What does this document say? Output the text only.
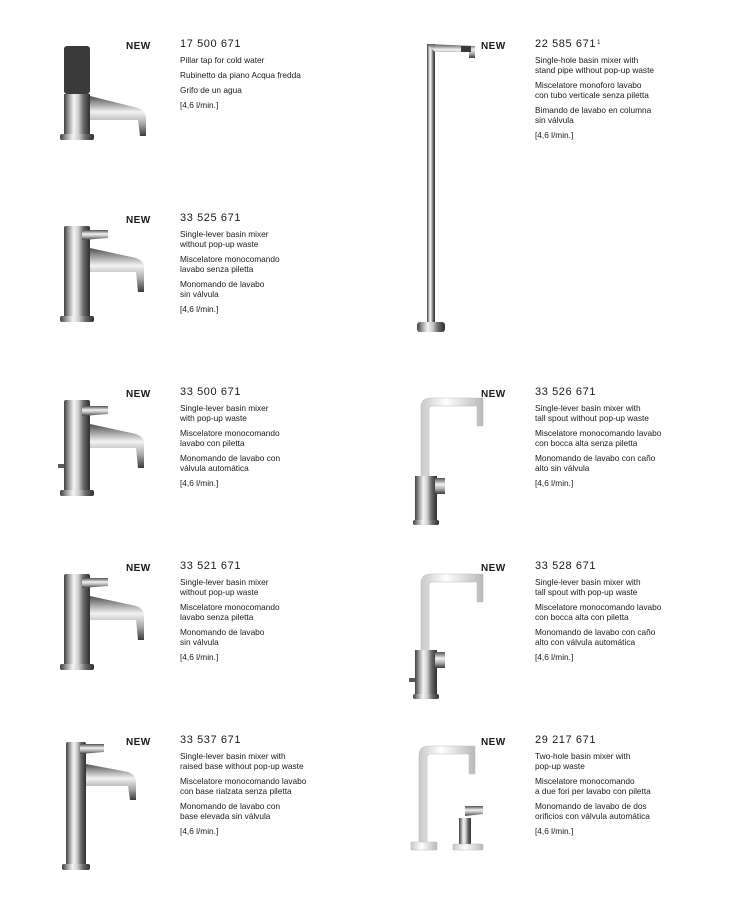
NEW	17 500 671
Pillar tap for cold water
Rubinetto da piano Acqua fredda
Grifo de un agua
[4,6 l/min.]
NEW	22 585 $671^1$
Single-hole basin mixer with
stand pipe without pop-up waste
Miscelatore monoforo lavabo
con tubo verticale senza piletta
Bimando de lavabo en columna
sin válvula
[4,6 l/min.]
NEW	33 525 671
Single-lever basin mixer
without pop-up waste
Miscelatore monocomando
lavabo senza piletta
Monomando de lavabo
sin válvula
[4,6 l/min.]
NEW	33 500 671
Single-lever basin mixer
with pop-up waste
Miscelatore monocomando
lavabo con piletta
Monomando de lavabo con
válvula automática
[4,6 l/min.]
NEW	33 526 671
Single-lever basin mixer with
tall spout without pop-up waste
Miscelatore monocomando lavabo
con bocca alta senza piletta
Monomando de lavabo con caño
alto sin válvula
[4,6 l/min.]
NEW	33 521 671
Single-lever basin mixer
without pop-up waste
Miscelatore monocomando
lavabo senza piletta
Monomando de lavabo
sin válvula
[4,6 l/min.]
NEW	33 528 671
Single-lever basin mixer with
tall spout with pop-up waste
Miscelatore monocomando lavabo
con bocca alta con piletta
Monomando de lavabo con caño
alto con válvula automática
[4,6 l/min.]
NEW	33 537 671
Single-lever basin mixer with
raised base without pop-up waste
Miscelatore monocomando lavabo
con base rialzata senza piletta
Monomando de lavabo con
base elevada sin válvula
[4,6 l/min.]
NEW	29 217 671
Two-hole basin mixer with
pop-up waste
Miscelatore monocomando
a due fori per lavabo con piletta
Monomando de lavabo de dos
orificios con válvula automática
[4,6 l/min.]
